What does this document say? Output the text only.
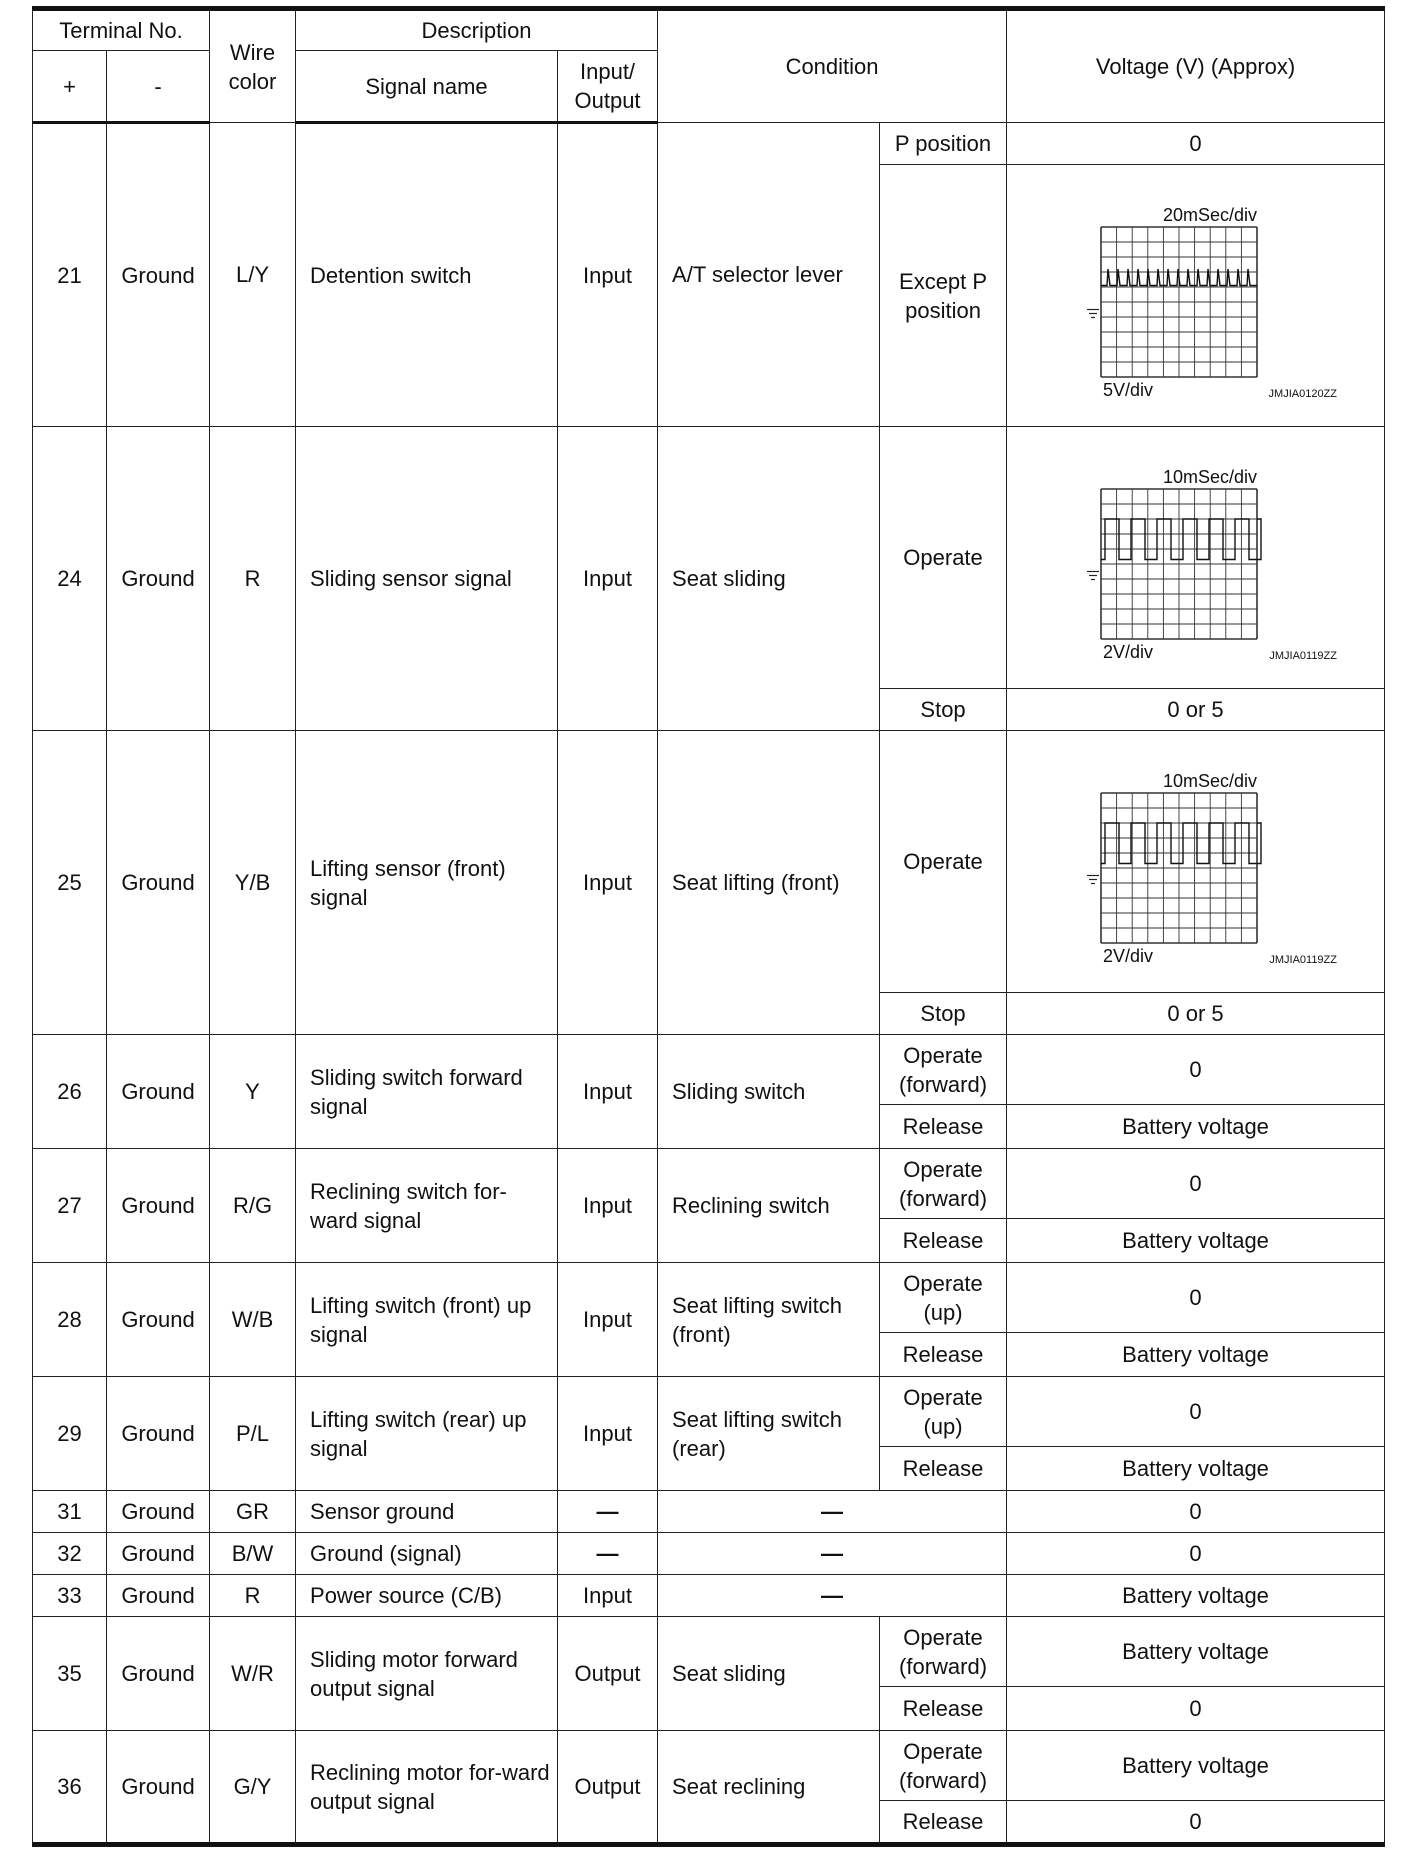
Terminal No.		Wire color	Description		Condition		Voltage (V) (Approx)
+	-		Signal name	Input/ Output			
21	Ground	L/Y	Detention switch	Input	A/T selector lever	P position	0
						Except P position	20mSec/div
5V/div JMJIA0120ZZ

24	Ground	R	Sliding sensor signal	Input	Seat sliding	Operate	10mSec/div
2V/div JMJIA0119ZZ

						Stop	0 or 5
25	Ground	Y/B	Lifting sensor (front) signal	Input	Seat lifting (front)	Operate	10mSec/div
2V/div JMJIA0119ZZ

						Stop	0 or 5
26	Ground	Y	Sliding switch forward signal	Input	Sliding switch	Operate (forward)	0
						Release	Battery voltage
27	Ground	R/G	Reclining switch for-ward signal	Input	Reclining switch	Operate (forward)	0
						Release	Battery voltage
28	Ground	W/B	Lifting switch (front) up signal	Input	Seat lifting switch (front)	Operate (up)	0
						Release	Battery voltage
29	Ground	P/L	Lifting switch (rear) up signal	Input	Seat lifting switch (rear)	Operate (up)	0
						Release	Battery voltage
31	Ground	GR	Sensor ground	—	—		0
32	Ground	B/W	Ground (signal)	—	—		0
33	Ground	R	Power source (C/B)	Input	—		Battery voltage
35	Ground	W/R	Sliding motor forward output signal	Output	Seat sliding	Operate (forward)	Battery voltage
						Release	0
36	Ground	G/Y	Reclining motor for-ward output signal	Output	Seat reclining	Operate (forward)	Battery voltage
						Release	0
